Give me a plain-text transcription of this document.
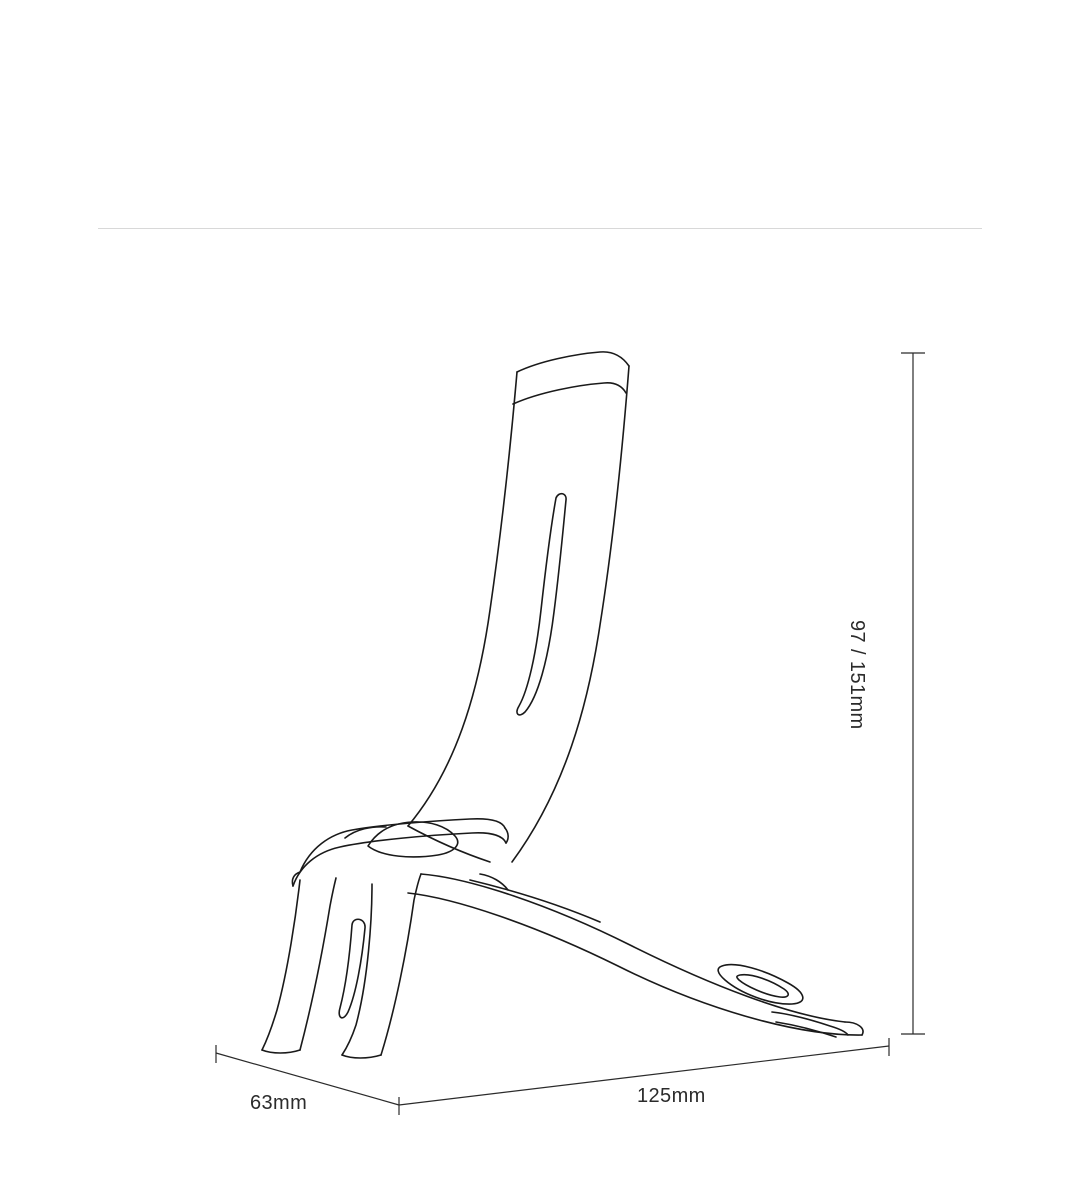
97 / 151mm
63mm	125mm
